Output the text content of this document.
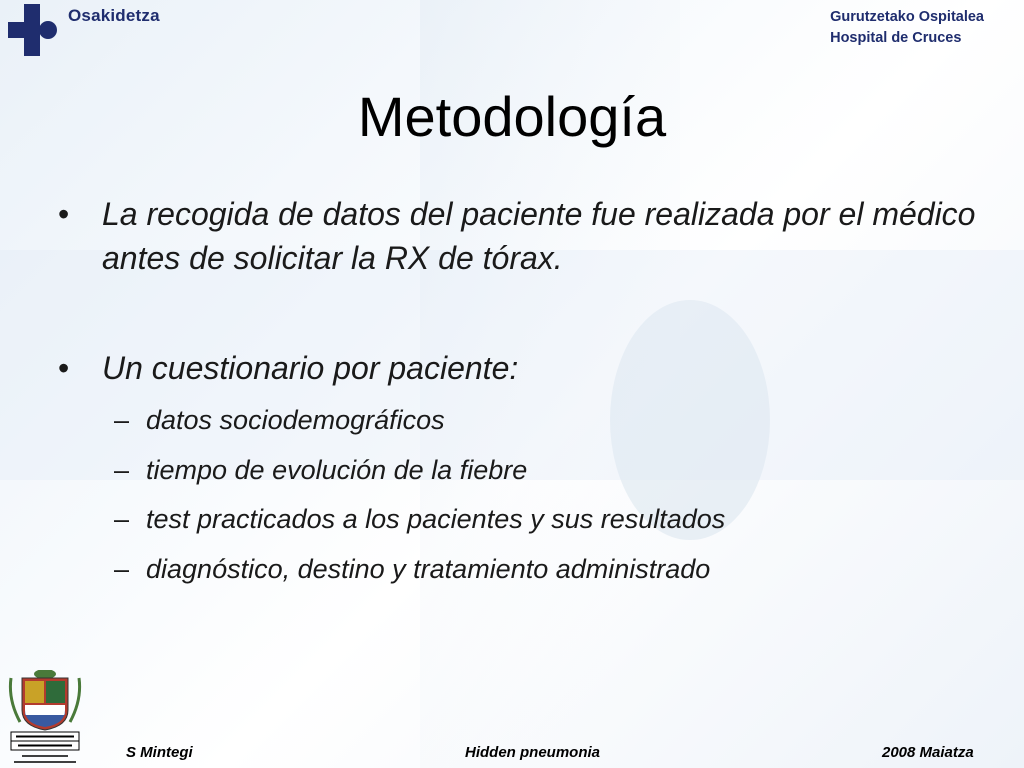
Osakidetza	Gurutzetako Ospitalea
Hospital de Cruces
Metodología
• La recogida de datos del paciente fue realizada por el médico antes de solicitar la RX de tórax.
• Un cuestionario por paciente:
– datos sociodemográficos
– tiempo de evolución de la fiebre
– test practicados a los pacientes y sus resultados
– diagnóstico, destino y tratamiento administrado
S Mintegi	Hidden pneumonia	2008 Maiatza
